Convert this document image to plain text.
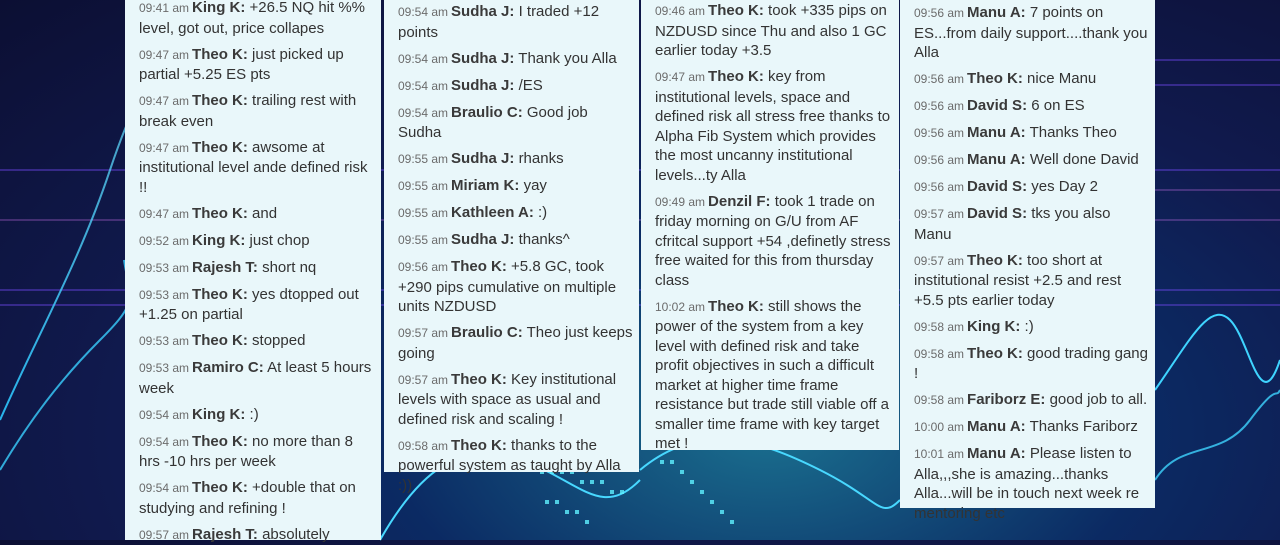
09:41 am King K: +26.5 NQ hit %% level, got out, price collapes
09:47 am Theo K: just picked up partial +5.25 ES pts
09:47 am Theo K: trailing rest with break even
09:47 am Theo K: awsome at institutional level ande defined risk !!
09:47 am Theo K: and
09:52 am King K: just chop
09:53 am Rajesh T: short nq
09:53 am Theo K: yes dtopped out +1.25 on partial
09:53 am Theo K: stopped
09:53 am Ramiro C: At least 5 hours week
09:54 am King K: :)
09:54 am Theo K: no more than 8 hrs -10 hrs per week
09:54 am Theo K: +double that on studying and refining !
09:57 am Rajesh T: absolutely
09:54 am Sudha J: I traded +12 points
09:54 am Sudha J: Thank you Alla
09:54 am Sudha J: /ES
09:54 am Braulio C: Good job Sudha
09:55 am Sudha J: rhanks
09:55 am Miriam K: yay
09:55 am Kathleen A: :)
09:55 am Sudha J: thanks^
09:56 am Theo K: +5.8 GC, took +290 pips cumulative on multiple units NZDUSD
09:57 am Braulio C: Theo just keeps going
09:57 am Theo K: Key institutional levels with space as usual and defined risk and scaling !
09:58 am Theo K: thanks to the powerful system as taught by Alla :))
09:46 am Theo K: took +335 pips on NZDUSD since Thu and also 1 GC earlier today +3.5
09:47 am Theo K: key from institutional levels, space and defined risk all stress free thanks to Alpha Fib System which provides the most uncanny institutional levels...ty Alla
09:49 am Denzil F: took 1 trade on friday morning on G/U from AF cfritcal support +54 ,definetly stress free waited for this from thursday class
10:02 am Theo K: still shows the power of the system from a key level with defined risk and take profit objectives in such a difficult market at higher time frame resistance but trade still viable off a smaller time frame with key target met !
09:56 am Manu A: 7 points on ES...from daily support....thank you Alla
09:56 am Theo K: nice Manu
09:56 am David S: 6 on ES
09:56 am Manu A: Thanks Theo
09:56 am Manu A: Well done David
09:56 am David S: yes Day 2
09:57 am David S: tks you also Manu
09:57 am Theo K: too short at institutional resist +2.5 and rest +5.5 pts earlier today
09:58 am King K: :)
09:58 am Theo K: good trading gang !
09:58 am Fariborz E: good job to all.
10:00 am Manu A: Thanks Fariborz
10:01 am Manu A: Please listen to Alla,,,she is amazing...thanks Alla...will be in touch next week re mentoring etc
